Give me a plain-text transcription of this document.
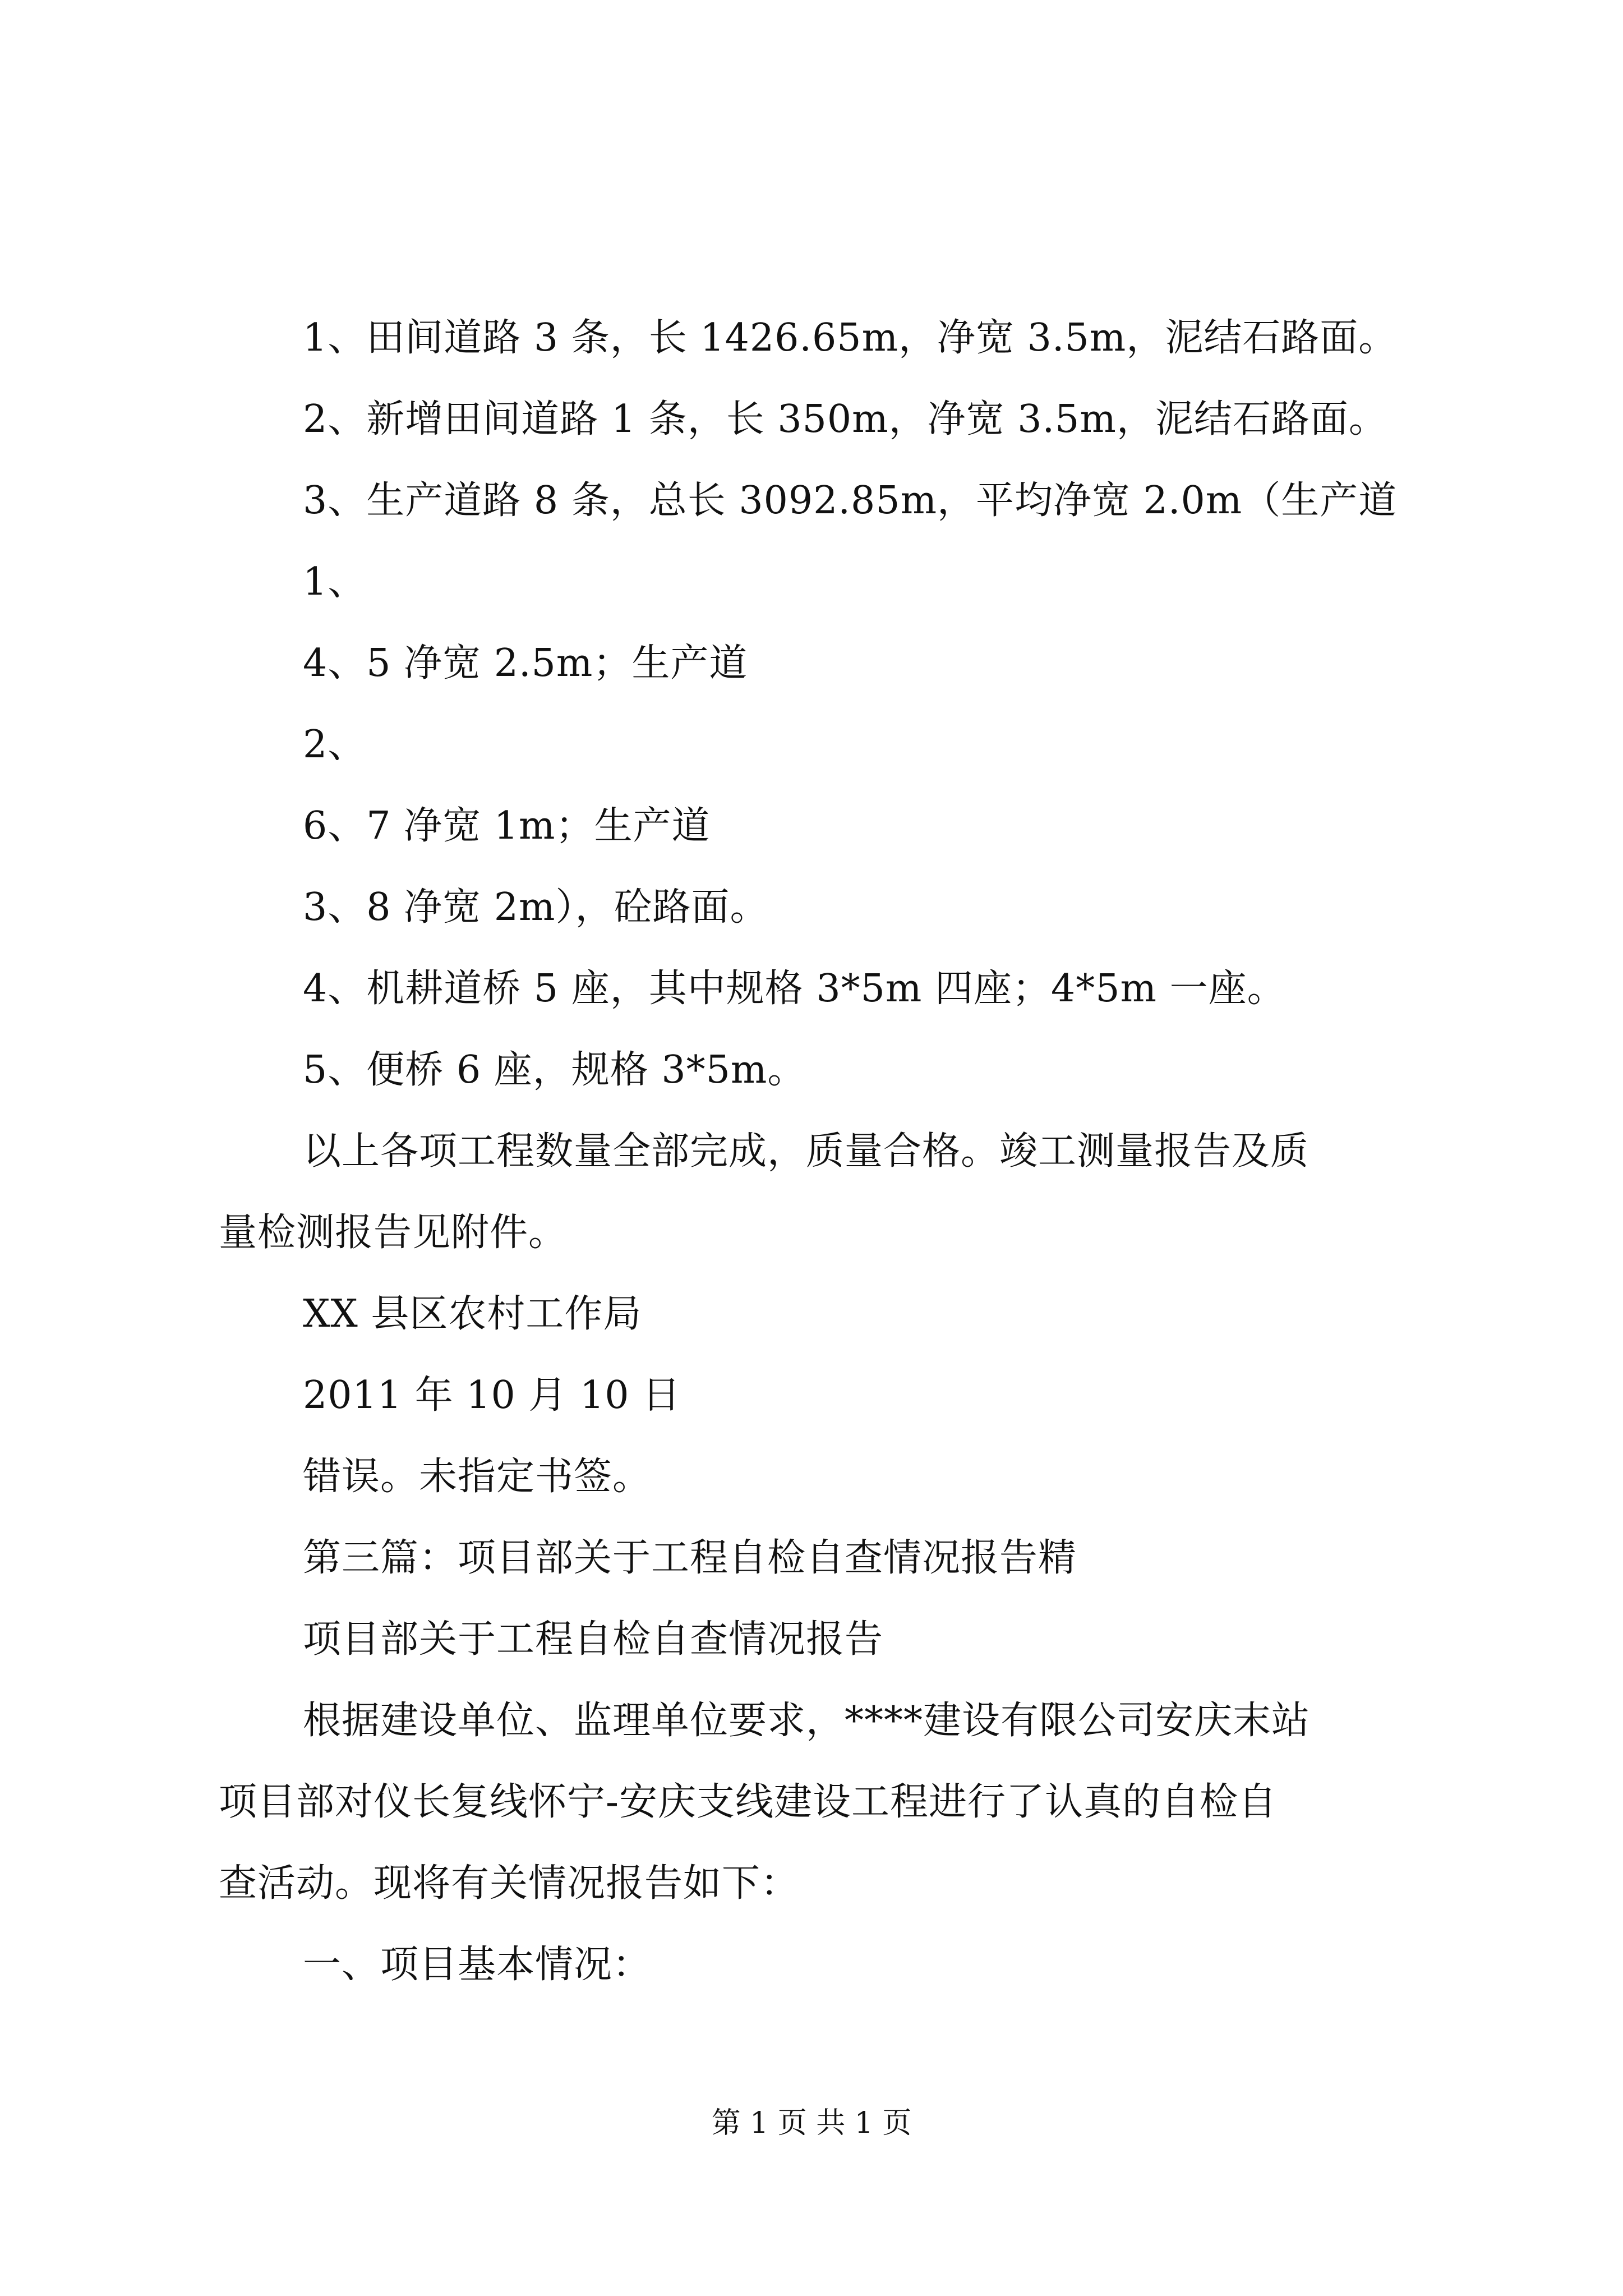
1、田间道路 3 条，长 1426.65m，净宽 3.5m，泥结石路面。
2、新增田间道路 1 条，长 350m，净宽 3.5m，泥结石路面。
3、生产道路 8 条，总长 3092.85m，平均净宽 2.0m（生产道
1、
4、5 净宽 2.5m；生产道
2、
6、7 净宽 1m；生产道
3、8 净宽 2m），砼路面。
4、机耕道桥 5 座，其中规格 3*5m 四座；4*5m 一座。
5、便桥 6 座，规格 3*5m。
以上各项工程数量全部完成，质量合格。竣工测量报告及质
量检测报告见附件。
XX 县区农村工作局
2011 年 10 月 10 日
错误。未指定书签。
第三篇：项目部关于工程自检自查情况报告精
项目部关于工程自检自查情况报告
根据建设单位、监理单位要求，****建设有限公司安庆末站
项目部对仪长复线怀宁-安庆支线建设工程进行了认真的自检自
查活动。现将有关情况报告如下：
一、项目基本情况：
第 1 页 共 1 页
